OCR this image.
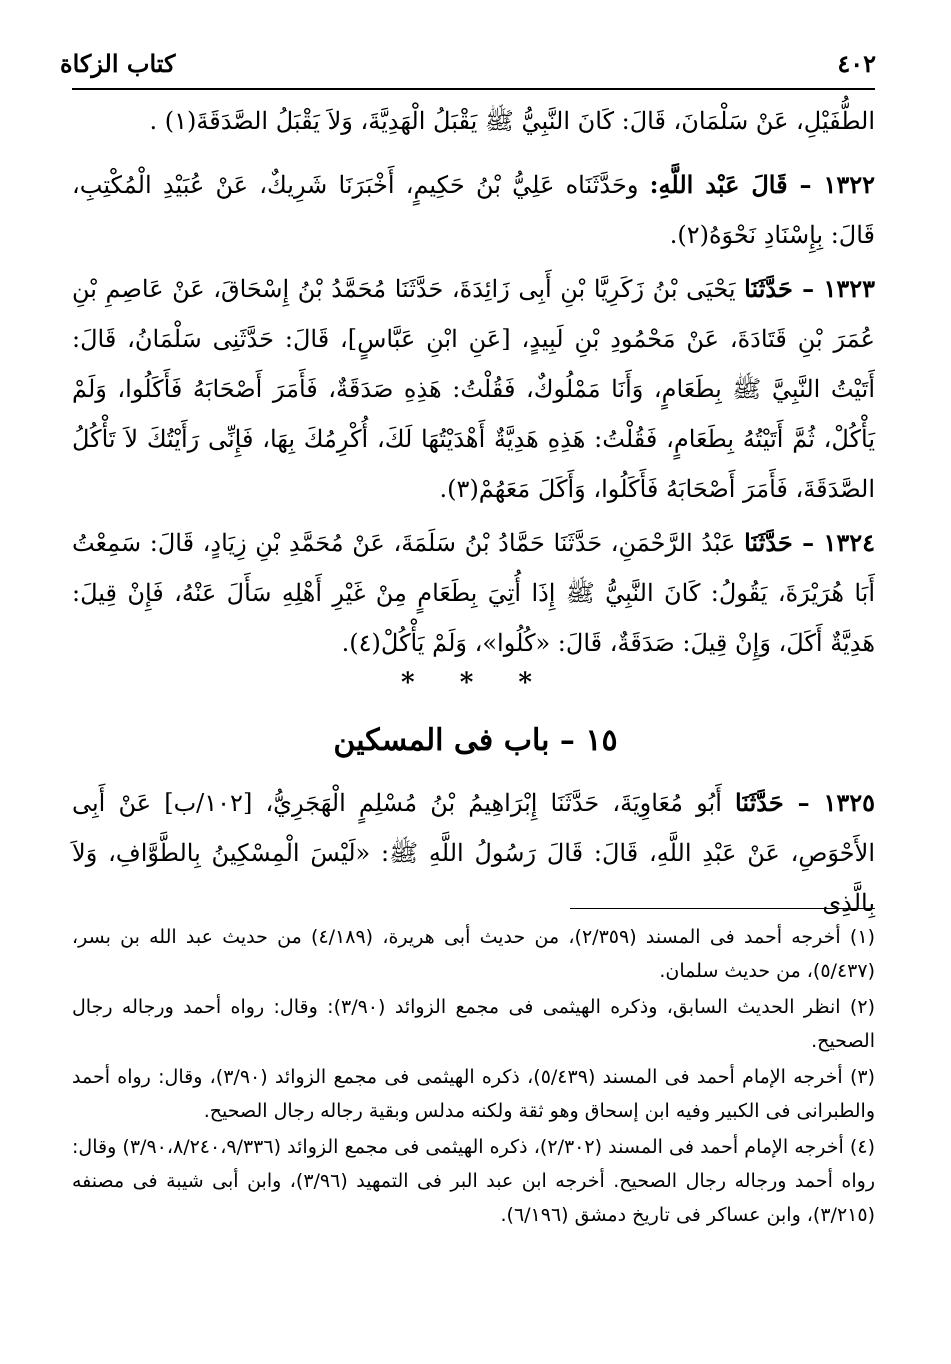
٤٠٢
كتاب الزكاة

الطُّفَيْلِ، عَنْ سَلْمَانَ، قَالَ: كَانَ النَّبِيُّ ﷺ يَقْبَلُ الْهَدِيَّةَ، وَلاَ يَقْبَلُ الصَّدَقَةَ(١) .

١٣٢٢ – قَالَ عَبْد اللَّهِ: وحَدَّثَنَاه عَلِيُّ بْنُ حَكِيمٍ، أَخْبَرَنَا شَرِيكٌ، عَنْ عُبَيْدِ الْمُكْتِبِ، قَالَ: بِإِسْنَادِ نَحْوَهُ(٢).

١٣٢٣ – حَدَّثَنَا يَحْيَى بْنُ زَكَرِيَّا بْنِ أَبِى زَائِدَةَ، حَدَّثَنَا مُحَمَّدُ بْنُ إِسْحَاقَ، عَنْ عَاصِمِ بْنِ عُمَرَ بْنِ قَتَادَةَ، عَنْ مَحْمُودِ بْنِ لَبِيدٍ، [عَنِ ابْنِ عَبَّاسٍ]، قَالَ: حَدَّثَنِى سَلْمَانُ، قَالَ: أَتَيْتُ النَّبِيَّ ﷺ بِطَعَامٍ، وَأَنَا مَمْلُوكٌ، فَقُلْتُ: هَذِهِ صَدَقَةٌ، فَأَمَرَ أَصْحَابَهُ فَأَكَلُوا، وَلَمْ يَأْكُلْ، ثُمَّ أَتَيْتُهُ بِطَعَامٍ، فَقُلْتُ: هَذِهِ هَدِيَّةٌ أَهْدَيْتُهَا لَكَ، أُكْرِمُكَ بِهَا، فَإِنِّى رَأَيْتُكَ لاَ تَأْكُلُ الصَّدَقَةَ، فَأَمَرَ أَصْحَابَهُ فَأَكَلُوا، وَأَكَلَ مَعَهُمْ(٣).

١٣٢٤ – حَدَّثَنَا عَبْدُ الرَّحْمَنِ، حَدَّثَنَا حَمَّادُ بْنُ سَلَمَةَ، عَنْ مُحَمَّدِ بْنِ زِيَادٍ، قَالَ: سَمِعْتُ أَبَا هُرَيْرَةَ، يَقُولُ: كَانَ النَّبِيُّ ﷺ إِذَا أُتِيَ بِطَعَامٍ مِنْ غَيْرِ أَهْلِهِ سَأَلَ عَنْهُ، فَإِنْ قِيلَ: هَدِيَّةٌ أَكَلَ، وَإِنْ قِيلَ: صَدَقَةٌ، قَالَ: «كُلُوا»، وَلَمْ يَأْكُلْ(٤).

* * *
١٥ – باب فى المسكين

١٣٢٥ – حَدَّثَنَا أَبُو مُعَاوِيَةَ، حَدَّثَنَا إِبْرَاهِيمُ بْنُ مُسْلِمٍ الْهَجَرِيُّ، [١٠٢/ب] عَنْ أَبِى الأَحْوَصِ، عَنْ عَبْدِ اللَّهِ، قَالَ: قَالَ رَسُولُ اللَّهِ ﷺ: «لَيْسَ الْمِسْكِينُ بِالطَّوَّافِ، وَلاَ بِالَّذِى

(١) أخرجه أحمد فى المسند (٢/٣٥٩)، من حديث أبى هريرة، (٤/١٨٩) من حديث عبد الله بن بسر، (٥/٤٣٧)، من حديث سلمان.

(٢) انظر الحديث السابق، وذكره الهيثمى فى مجمع الزوائد (٣/٩٠): وقال: رواه أحمد ورجاله رجال الصحيح.

(٣) أخرجه الإمام أحمد فى المسند (٥/٤٣٩)، ذكره الهيثمى فى مجمع الزوائد (٣/٩٠)، وقال: رواه أحمد والطبرانى فى الكبير وفيه ابن إسحاق وهو ثقة ولكنه مدلس وبقية رجاله رجال الصحيح.

(٤) أخرجه الإمام أحمد فى المسند (٢/٣٠٢)، ذكره الهيثمى فى مجمع الزوائد (٣/٩٠،٨/٢٤٠،٩/٣٣٦) وقال: رواه أحمد ورجاله رجال الصحيح. أخرجه ابن عبد البر فى التمهيد (٣/٩٦)، وابن أبى شيبة فى مصنفه (٣/٢١٥)، وابن عساكر فى تاريخ دمشق (٦/١٩٦).
